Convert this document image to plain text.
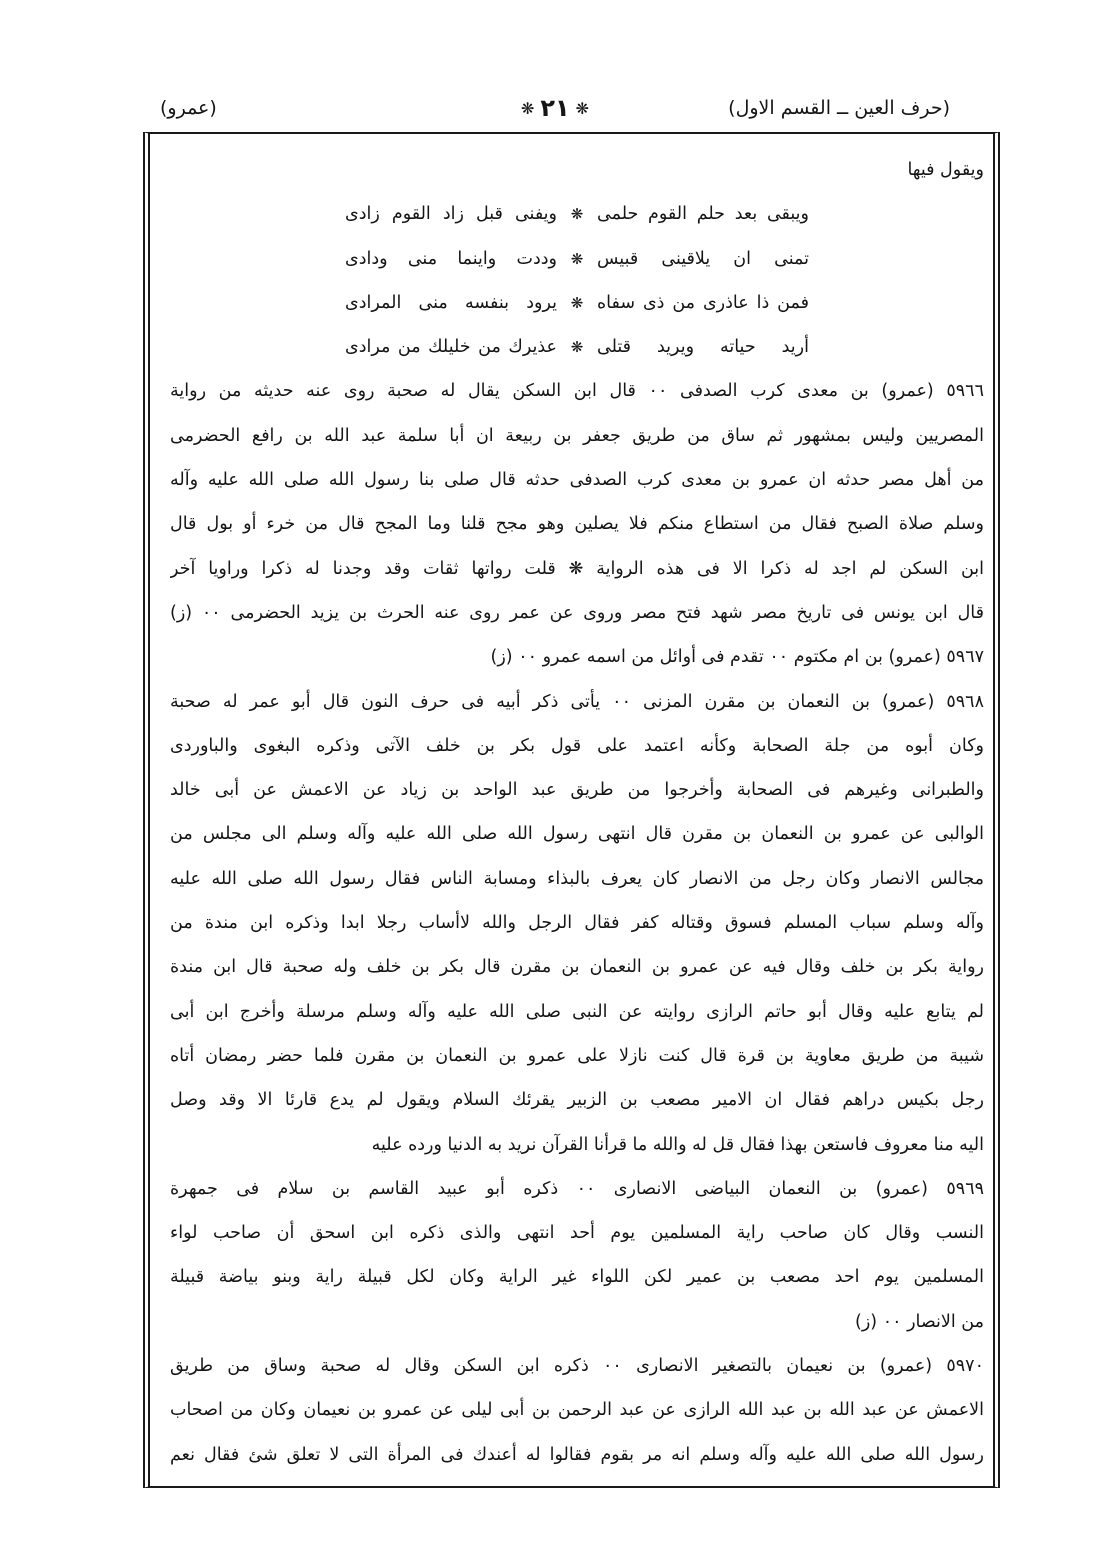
(حرف العين ــ القسم الاول)
❋٢١❋
(عمرو)
ويقول فيها
ويبقى بعد حلم القوم حلمى
❋
ويفنى قبل زاد القوم زادى
تمنى ان يلاقينى قبيس
❋
وددت واينما منى ودادى
فمن ذا عاذرى من ذى سفاه
❋
يرود بنفسه منى المرادى
أريد حياته ويريد قتلى
❋
عذيرك من خليلك من مرادى
٥٩٦٦ (عمرو) بن معدى كرب الصدفى ٠٠ قال ابن السكن يقال له صحبة روى عنه حديثه من رواية
المصريين وليس بمشهور ثم ساق من طريق جعفر بن ربيعة ان أبا سلمة عبد الله بن رافع الحضرمى
من أهل مصر حدثه ان عمرو بن معدى كرب الصدفى حدثه قال صلى بنا رسول الله صلى الله عليه وآله
وسلم صلاة الصبح فقال من استطاع منكم فلا يصلين وهو مجح قلنا وما المجح قال من خرء أو بول قال
ابن السكن لم اجد له ذكرا الا فى هذه الرواية ❋ قلت رواتها ثقات وقد وجدنا له ذكرا وراويا آخر
قال ابن يونس فى تاريخ مصر شهد فتح مصر وروى عن عمر روى عنه الحرث بن يزيد الحضرمى ٠٠ (ز)
٥٩٦٧ (عمرو) بن ام مكتوم ٠٠ تقدم فى أوائل من اسمه عمرو ٠٠ (ز)
٥٩٦٨ (عمرو) بن النعمان بن مقرن المزنى ٠٠ يأتى ذكر أبيه فى حرف النون قال أبو عمر له صحبة
وكان أبوه من جلة الصحابة وكأنه اعتمد على قول بكر بن خلف الآتى وذكره البغوى والباوردى
والطبرانى وغيرهم فى الصحابة وأخرجوا من طريق عبد الواحد بن زياد عن الاعمش عن أبى خالد
الوالبى عن عمرو بن النعمان بن مقرن قال انتهى رسول الله صلى الله عليه وآله وسلم الى مجلس من
مجالس الانصار وكان رجل من الانصار كان يعرف بالبذاء ومسابة الناس فقال رسول الله صلى الله عليه
وآله وسلم سباب المسلم فسوق وقتاله كفر فقال الرجل والله لاأساب رجلا ابدا وذكره ابن مندة من
رواية بكر بن خلف وقال فيه عن عمرو بن النعمان بن مقرن قال بكر بن خلف وله صحبة قال ابن مندة
لم يتابع عليه وقال أبو حاتم الرازى روايته عن النبى صلى الله عليه وآله وسلم مرسلة وأخرج ابن أبى
شيبة من طريق معاوية بن قرة قال كنت نازلا على عمرو بن النعمان بن مقرن فلما حضر رمضان أتاه
رجل بكيس دراهم فقال ان الامير مصعب بن الزبير يقرئك السلام ويقول لم يدع قارئا الا وقد وصل
اليه منا معروف فاستعن بهذا فقال قل له والله ما قرأنا القرآن نريد به الدنيا ورده عليه
٥٩٦٩ (عمرو) بن النعمان البياضى الانصارى ٠٠ ذكره أبو عبيد القاسم بن سلام فى جمهرة
النسب وقال كان صاحب راية المسلمين يوم أحد انتهى والذى ذكره ابن اسحق أن صاحب لواء
المسلمين يوم احد مصعب بن عمير لكن اللواء غير الراية وكان لكل قبيلة راية وبنو بياضة قبيلة
من الانصار ٠٠ (ز)
٥٩٧٠ (عمرو) بن نعيمان بالتصغير الانصارى ٠٠ ذكره ابن السكن وقال له صحبة وساق من طريق
الاعمش عن عبد الله بن عبد الله الرازى عن عبد الرحمن بن أبى ليلى عن عمرو بن نعيمان وكان من اصحاب
رسول الله صلى الله عليه وآله وسلم انه مر بقوم فقالوا له أعندك فى المرأة التى لا تعلق شئ فقال نعم
